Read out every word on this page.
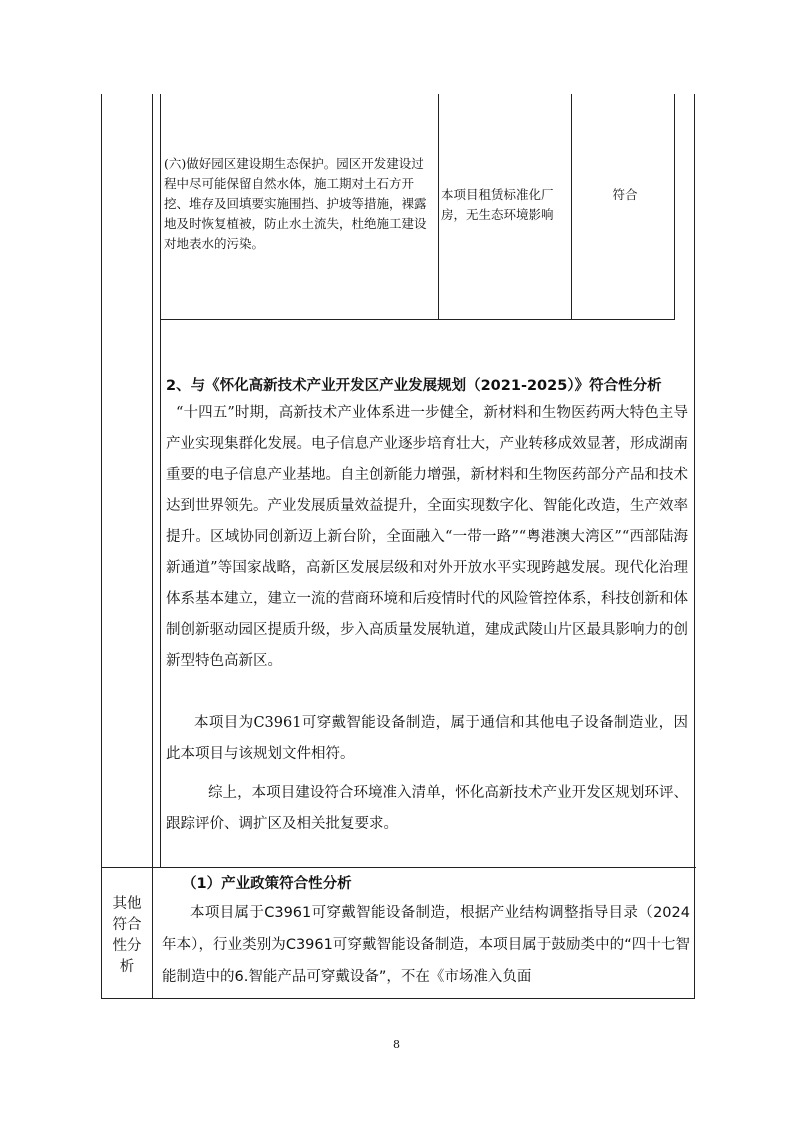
(六)做好园区建设期生态保护。园区开发建设过程中尽可能保留自然水体，施工期对土石方开挖、堆存及回填要实施围挡、护坡等措施，裸露地及时恢复植被，防止水土流失，杜绝施工建设对地表水的污染。
本项目租赁标准化厂房，无生态环境影响
符合
2、与《怀化高新技术产业开发区产业发展规划（2021-2025）》符合性分析
“十四五”时期，高新技术产业体系进一步健全，新材料和生物医药两大特色主导产业实现集群化发展。电子信息产业逐步培育壮大，产业转移成效显著，形成湖南重要的电子信息产业基地。自主创新能力增强，新材料和生物医药部分产品和技术达到世界领先。产业发展质量效益提升，全面实现数字化、智能化改造，生产效率提升。区域协同创新迈上新台阶，全面融入“一带一路”“粤港澳大湾区”“西部陆海新通道”等国家战略，高新区发展层级和对外开放水平实现跨越发展。现代化治理体系基本建立，建立一流的营商环境和后疫情时代的风险管控体系，科技创新和体制创新驱动园区提质升级，步入高质量发展轨道，建成武陵山片区最具影响力的创新型特色高新区。
本项目为C3961可穿戴智能设备制造，属于通信和其他电子设备制造业，因此本项目与该规划文件相符。
综上，本项目建设符合环境准入清单，怀化高新技术产业开发区规划环评、跟踪评价、调扩区及相关批复要求。
其他符合性分析
（1）产业政策符合性分析
本项目属于C3961可穿戴智能设备制造，根据产业结构调整指导目录（2024年本），行业类别为C3961可穿戴智能设备制造，本项目属于鼓励类中的“四十七智能制造中的6.智能产品可穿戴设备”，不在《市场准入负面
8
